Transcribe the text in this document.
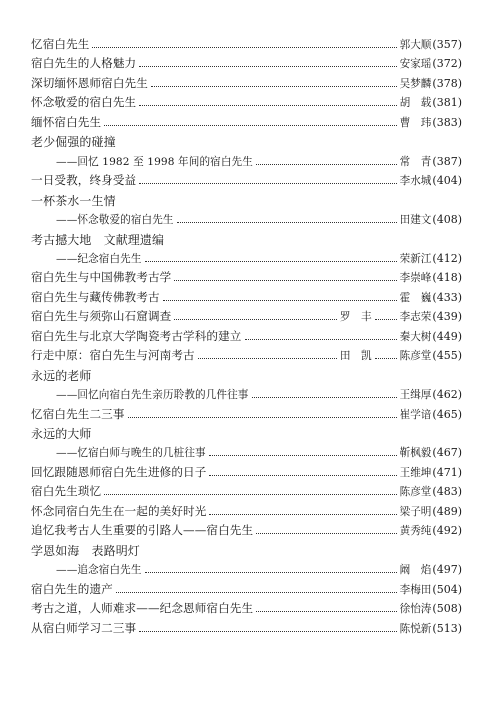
忆宿白先生	郭大顺 (357)
宿白先生的人格魅力	安家瑶 (372)
深切缅怀恩师宿白先生	吴梦麟 (378)
怀念敬爱的宿白先生	胡　载 (381)
缅怀宿白先生	曹　玮 (383)
老少倔强的碰撞
——回忆 1982 至 1998 年间的宿白先生	常　青 (387)
一日受教，终身受益	李水城 (404)
一杯茶水一生情
——怀念敬爱的宿白先生	田建文 (408)
考古撼大地　文献理遗编
——纪念宿白先生	荣新江 (412)
宿白先生与中国佛教考古学	李崇峰 (418)
宿白先生与藏传佛教考古	霍　巍 (433)
宿白先生与须弥山石窟调查	罗　丰	李志荣 (439)
宿白先生与北京大学陶瓷考古学科的建立	秦大树 (449)
行走中原：宿白先生与河南考古	田　凯	陈彦堂 (455)
永远的老师
——回忆向宿白先生亲历聆教的几件往事	王缉厚 (462)
忆宿白先生二三事	崔学谙 (465)
永远的大师
——忆宿白师与晚生的几桩往事	靳枫毅 (467)
回忆跟随恩师宿白先生进修的日子	王维坤 (471)
宿白先生琐忆	陈彦堂 (483)
怀念同宿白先生在一起的美好时光	梁子明 (489)
追忆我考古人生重要的引路人——宿白先生	黄秀纯 (492)
学恩如海　表路明灯
——追念宿白先生	阚　焰 (497)
宿白先生的遗产	李梅田 (504)
考古之道，人师难求——纪念恩师宿白先生	徐怡涛 (508)
从宿白师学习二三事	陈悦新 (513)
